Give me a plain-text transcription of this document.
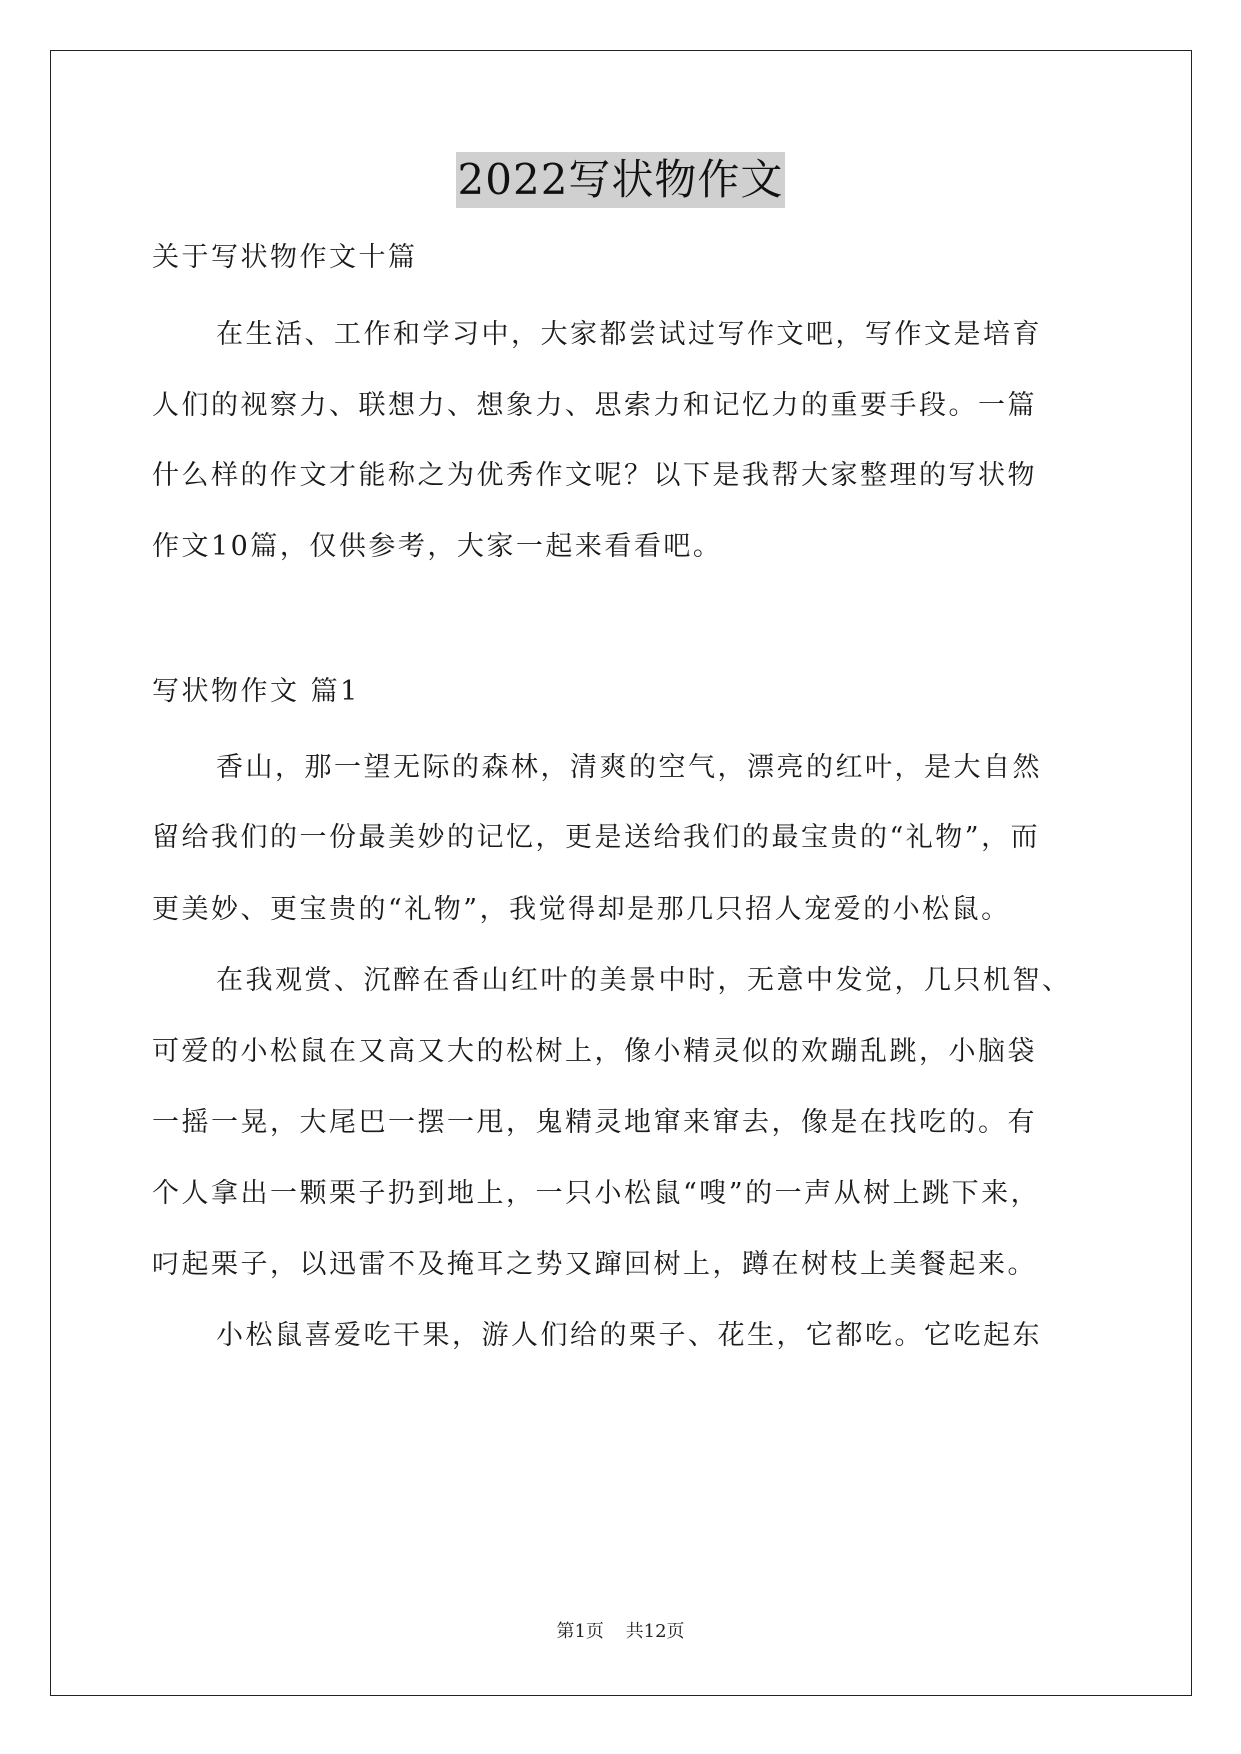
2022写状物作文
关于写状物作文十篇
在生活、工作和学习中，大家都尝试过写作文吧，写作文是培育
人们的视察力、联想力、想象力、思索力和记忆力的重要手段。一篇
什么样的作文才能称之为优秀作文呢？以下是我帮大家整理的写状物
作文10篇，仅供参考，大家一起来看看吧。
写状物作文 篇1
香山，那一望无际的森林，清爽的空气，漂亮的红叶，是大自然
留给我们的一份最美妙的记忆，更是送给我们的最宝贵的“礼物”，而
更美妙、更宝贵的“礼物”，我觉得却是那几只招人宠爱的小松鼠。
在我观赏、沉醉在香山红叶的美景中时，无意中发觉，几只机智、
可爱的小松鼠在又高又大的松树上，像小精灵似的欢蹦乱跳，小脑袋
一摇一晃，大尾巴一摆一甩，鬼精灵地窜来窜去，像是在找吃的。有
个人拿出一颗栗子扔到地上，一只小松鼠“嗖”的一声从树上跳下来，
叼起栗子，以迅雷不及掩耳之势又蹿回树上，蹲在树枝上美餐起来。
小松鼠喜爱吃干果，游人们给的栗子、花生，它都吃。它吃起东
第1页 共12页
